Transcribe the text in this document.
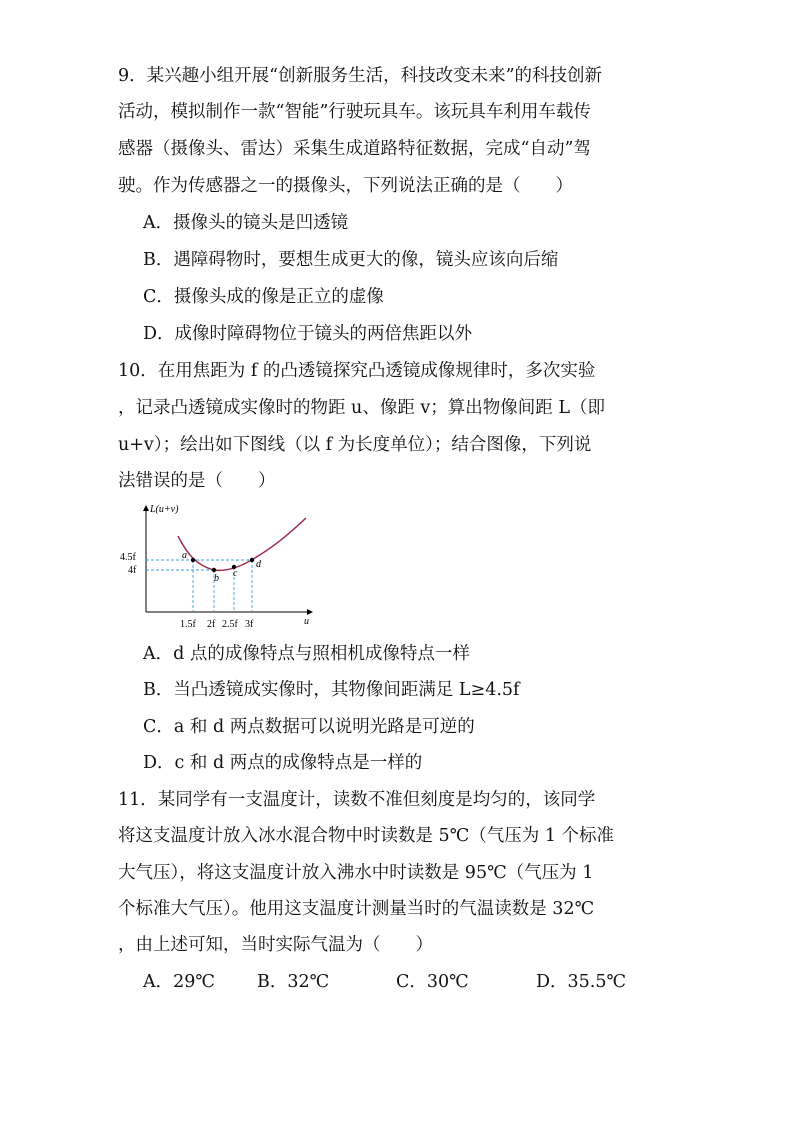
9．某兴趣小组开展“创新服务生活，科技改变未来”的科技创新
活动，模拟制作一款“智能”行驶玩具车。该玩具车利用车载传
感器（摄像头、雷达）采集生成道路特征数据，完成“自动”驾
驶。作为传感器之一的摄像头，下列说法正确的是（　　）
A．摄像头的镜头是凹透镜
B．遇障碍物时，要想生成更大的像，镜头应该向后缩
C．摄像头成的像是正立的虚像
D．成像时障碍物位于镜头的两倍焦距以外
10．在用焦距为 f 的凸透镜探究凸透镜成像规律时，多次实验
，记录凸透镜成实像时的物距 u、像距 v；算出物像间距 L（即
u+v）；绘出如下图线（以 f 为长度单位）；结合图像，下列说
法错误的是（　　）
L(u+v)
u
a
b c
d
4.5f
4f
1.5f 2f 2.5f 3f
A．d 点的成像特点与照相机成像特点一样
B．当凸透镜成实像时，其物像间距满足 L≥4.5f
C．a 和 d 两点数据可以说明光路是可逆的
D．c 和 d 两点的成像特点是一样的
11．某同学有一支温度计，读数不准但刻度是均匀的，该同学
将这支温度计放入冰水混合物中时读数是 5℃（气压为 1 个标准
大气压），将这支温度计放入沸水中时读数是 95℃（气压为 1
个标准大气压）。他用这支温度计测量当时的气温读数是 32℃
，由上述可知，当时实际气温为（　　）
A．29℃ B．32℃	C．30℃	D．35.5℃
